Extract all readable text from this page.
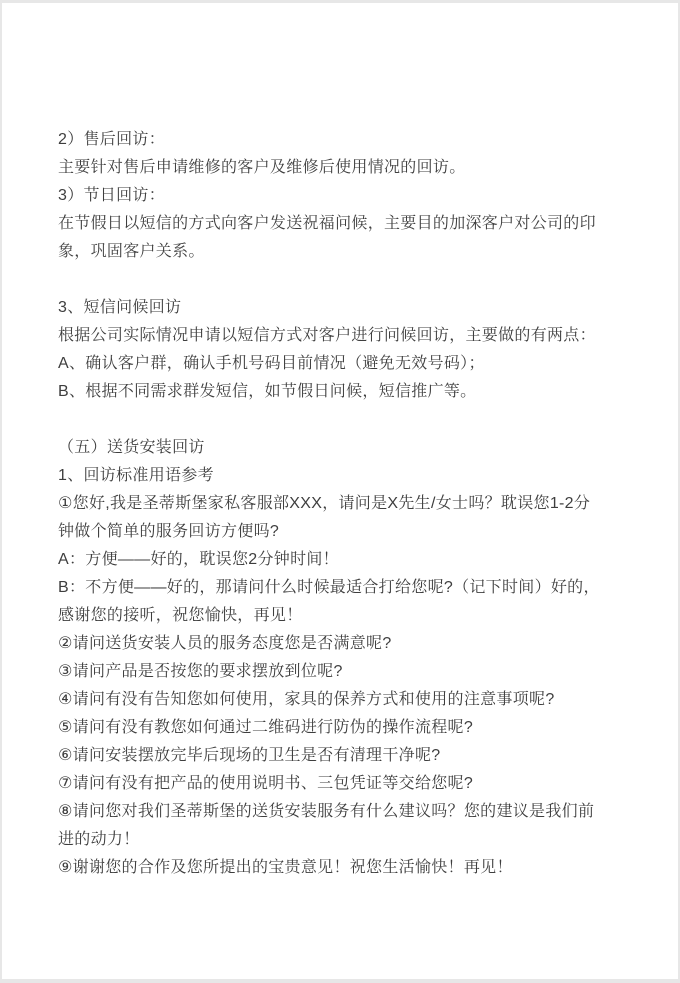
2）售后回访：
主要针对售后申请维修的客户及维修后使用情况的回访。
3）节日回访：
在节假日以短信的方式向客户发送祝福问候，主要目的加深客户对公司的印
象，巩固客户关系。
3、短信问候回访
根据公司实际情况申请以短信方式对客户进行问候回访，主要做的有两点：
A、确认客户群，确认手机号码目前情况（避免无效号码）；
B、根据不同需求群发短信，如节假日问候，短信推广等。
（五）送货安装回访
1、回访标准用语参考
①您好,我是圣蒂斯堡家私客服部XXX，请问是X先生/女士吗？耽误您1-2分
钟做个简单的服务回访方便吗?
A：方便——好的，耽误您2分钟时间！
B：不方便——好的，那请问什么时候最适合打给您呢?（记下时间）好的，
感谢您的接听，祝您愉快，再见！
②请问送货安装人员的服务态度您是否满意呢?
③请问产品是否按您的要求摆放到位呢?
④请问有没有告知您如何使用，家具的保养方式和使用的注意事项呢?
⑤请问有没有教您如何通过二维码进行防伪的操作流程呢?
⑥请问安装摆放完毕后现场的卫生是否有清理干净呢?
⑦请问有没有把产品的使用说明书、三包凭证等交给您呢?
⑧请问您对我们圣蒂斯堡的送货安装服务有什么建议吗？您的建议是我们前
进的动力！
⑨谢谢您的合作及您所提出的宝贵意见！祝您生活愉快！再见！
